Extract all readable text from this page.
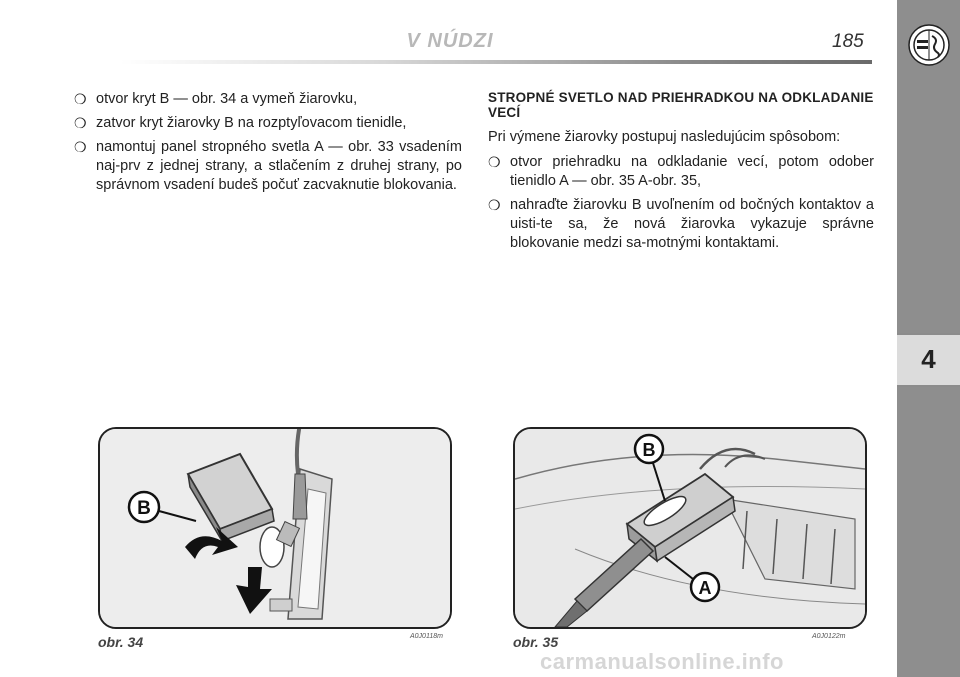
V NÚDZI	185
4
❍ otvor kryt B — obr. 34 a vymeň žiarovku,
❍ zatvor kryt žiarovky B na rozptyľovacom tienidle,
❍ namontuj panel stropného svetla A — obr. 33 vsadením naj-prv z jednej strany, a stlačením z druhej strany, po správnom vsadení budeš počuť zacvaknutie blokovania.
STROPNÉ SVETLO NAD PRIEHRADKOU NA ODKLADANIE VECÍ
Pri výmene žiarovky postupuj nasledujúcim spôsobom:
❍ otvor priehradku na odkladanie vecí, potom odober tienidlo A — obr. 35 A-obr. 35,
❍ nahraďte žiarovku B uvoľnením od bočných kontaktov a uisti-te sa, že nová žiarovka vykazuje správne blokovanie medzi sa-motnými kontaktami.
B
obr. 34	A0J0118m
B
A
obr. 35	A0J0122m
carmanualsonline.info
